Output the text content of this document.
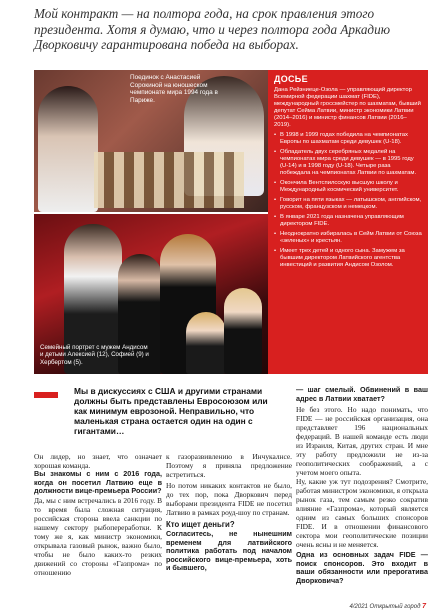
Мой контракт — на полтора года, на срок правления этого президента. Хотя я думаю, что и через полтора года Аркадию Дворковичу гарантирована победа на выборах.
Поединок с Анастасией Сорокиной на юношеском чемпионате мира 1994 года в Париже.
Семейный портрет с мужем Андисом и детьми Алексией (12), Софией (9) и Хербертом (5).
ДОСЬЕ

Дана Рейзниеце-Озола — управляющий директор Всемирной федерации шахмат (FIDE), международный гроссмейстер по шахматам, бывший депутат Сейма Латвии, министр экономики Латвии (2014–2016) и министр финансов Латвии (2016–2019).

• В 1998 и 1999 годах победила на чемпионатах Европы по шахматам среди девушек (U-18).
• Обладатель двух серебряных медалей на чемпионатах мира среди девушек — в 1995 году (U-14) и в 1998 году (U-18). Четыре раза побеждала на чемпионатах Латвии по шахматам.
• Окончила Вентспилсскую высшую школу и Международный космический университет.
• Говорит на пяти языках — латышском, английском, русском, французском и немецком.
• В январе 2021 года назначена управляющим директором FIDE.
• Неоднократно избиралась в Сейм Латвии от Союза «зеленых» и крестьян.
• Имеет трех детей и одного сына. Замужем за бывшим директором Латвийского агентства инвестиций и развития Андисом Озолом.
Мы в дискуссиях с США и другими странами должны быть представлены Евросоюзом или как минимум еврозоной. Неправильно, что маленькая страна остается один на один с гигантами…

Он лидер, но знает, что означает хорошая команда.

Вы знакомы с ним с 2016 года, когда он посетил Латвию еще в должности вице-премьера России?

Да, мы с ним встречались в 2016 году. В то время была сложная ситуация, российская сторона ввела санкции по нашему сектору рыбопереработки. К тому же я, как министр экономики, открывала газовый рынок, важно было, чтобы не было каких-то резких движений со стороны «Газпрома» по отношению

к газоразвивлению в Инчукалнсе. Поэтому я приняла предложение встретиться.

Но потом никаких контактов не было, до тех пор, пока Дворкович перед выборами президента FIDE не посетил Латвию в рамках роуд-шоу по странам.

Кто ищет деньги?

Согласитесь, не нынешним временем для латвийского политика работать под началом российского вице-премьера, хоть и бывшего,

— шаг смелый. Обвинений в ваш адрес в Латвии хватает?

Не без этого. Но надо понимать, что FIDE — не российская организация, она представляет 196 национальных федераций. В нашей команде есть люди из Израиля, Китая, других стран. И мне эту работу предложили не из-за геополитических соображений, а с учетом моего опыта.

Ну, какие уж тут подозрения? Смотрите, работая министром экономики, я открыла рынок газа, тем самым резко сократив влияние «Газпрома», который является одним из самых больших спонсоров FIDE. И в отношении финансового сектора мои геополитические позиции очень ясны и не меняется.

Одна из основных задач FIDE — поиск спонсоров. Это входит в ваши обязанности или прерогатива Дворковича?

4/2021 Открытый город 7
